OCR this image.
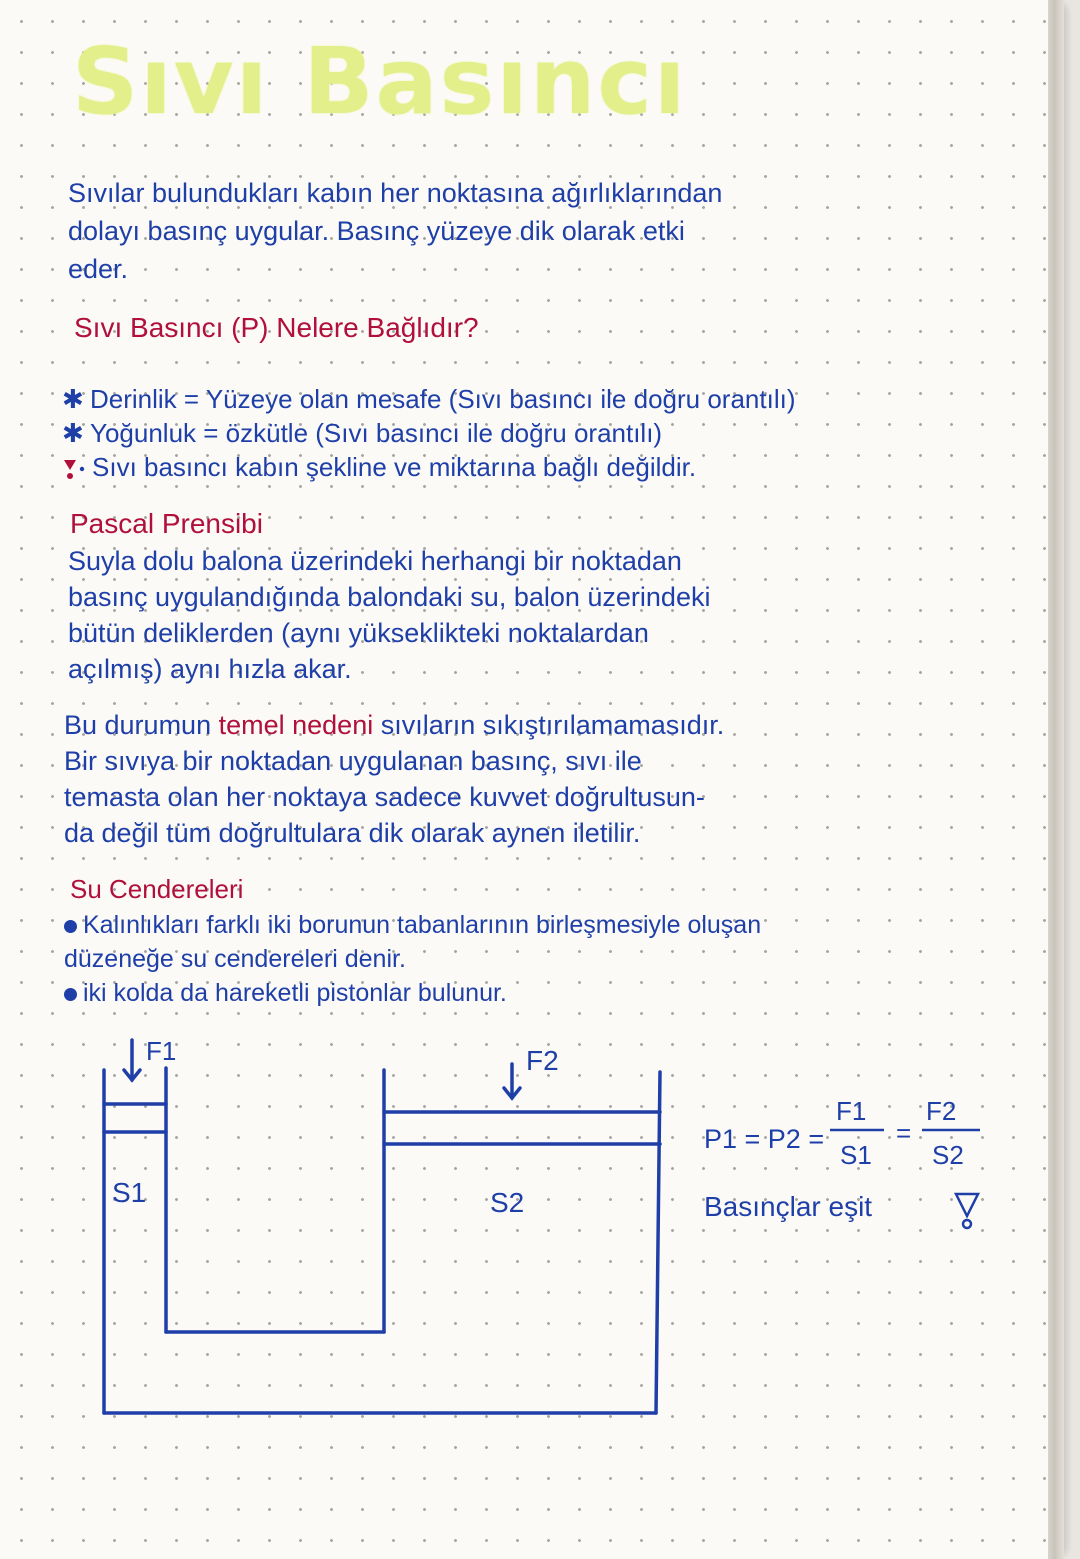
Sıvı Basıncı

Sıvılar bulundukları kabın her noktasına ağırlıklarından

dolayı basınç uygular. Basınç yüzeye dik olarak etki

eder.

Sıvı Basıncı (P) Nelere Bağlıdır?

✱ Derinlik = Yüzeye olan mesafe (Sıvı basıncı ile doğru orantılı)

✱ Yoğunluk = özkütle (Sıvı basıncı ile doğru orantılı)

Sıvı basıncı kabın şekline ve miktarına bağlı değildir.

Pascal Prensibi

Suyla dolu balona üzerindeki herhangi bir noktadan

basınç uygulandığında balondaki su, balon üzerindeki

bütün deliklerden (aynı yükseklikteki noktalardan

açılmış) aynı hızla akar.

Bu durumun temel nedeni sıvıların sıkıştırılamamasıdır.

Bir sıvıya bir noktadan uygulanan basınç, sıvı ile

temasta olan her noktaya sadece kuvvet doğrultusun-

da değil tüm doğrultulara dik olarak aynen iletilir.

Su Cendereleri

Kalınlıkları farklı iki borunun tabanlarının birleşmesiyle oluşan

düzeneğe su cendereleri denir.

iki kolda da hareketli pistonlar bulunur.

F1	F2
S1	S2
P1 = P2 =
F1
S1
=
F2
S2
Basınçlar eşit
